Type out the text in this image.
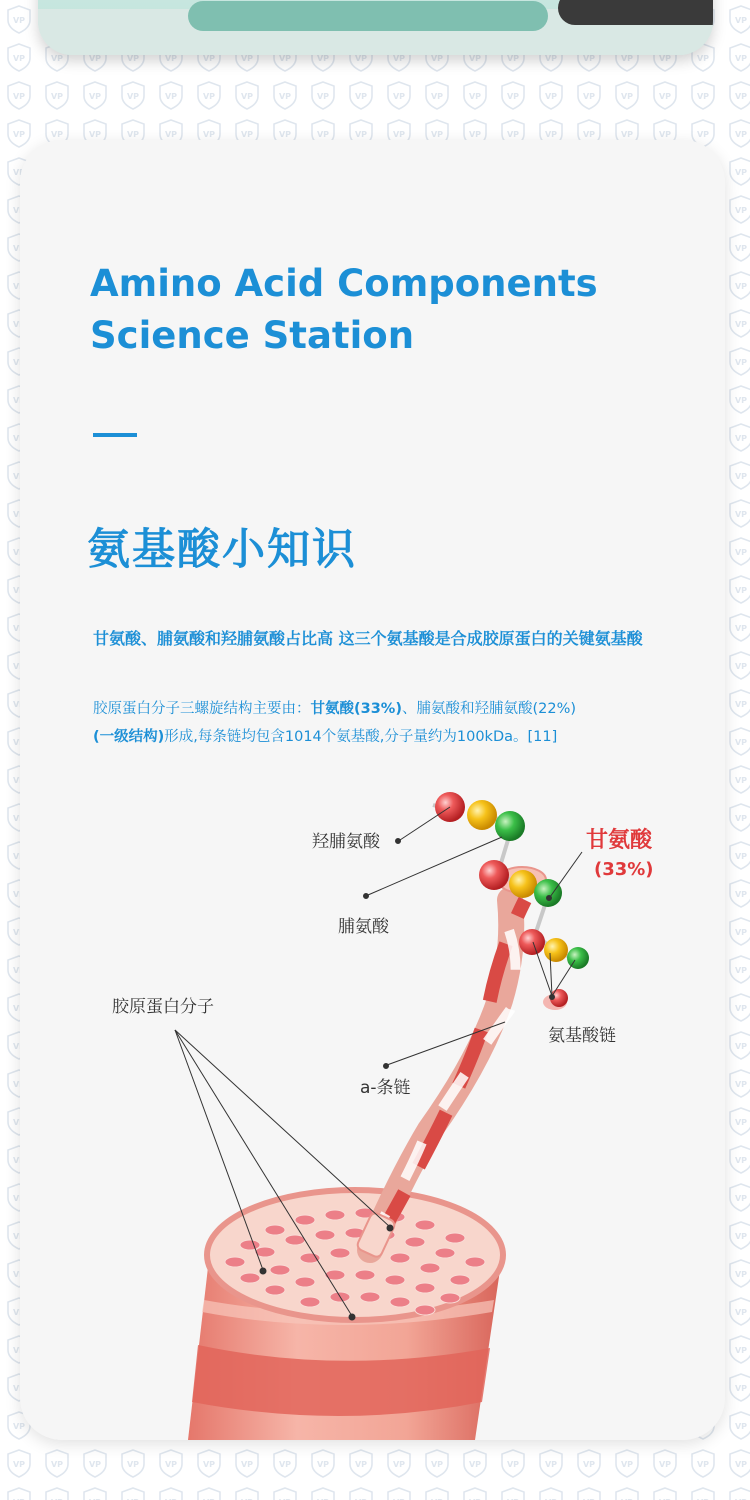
Amino Acid Components
Science Station
氨基酸小知识

甘氨酸、脯氨酸和羟脯氨酸占比高 这三个氨基酸是合成胶原蛋白的关键氨基酸

胶原蛋白分子三螺旋结构主要由：甘氨酸(33%)、脯氨酸和羟脯氨酸(22%)
(一级结构)形成,每条链均包含1014个氨基酸,分子量约为100kDa。[11]

羟脯氨酸
脯氨酸
甘氨酸
(33%)
胶原蛋白分子
a-条链
氨基酸链
